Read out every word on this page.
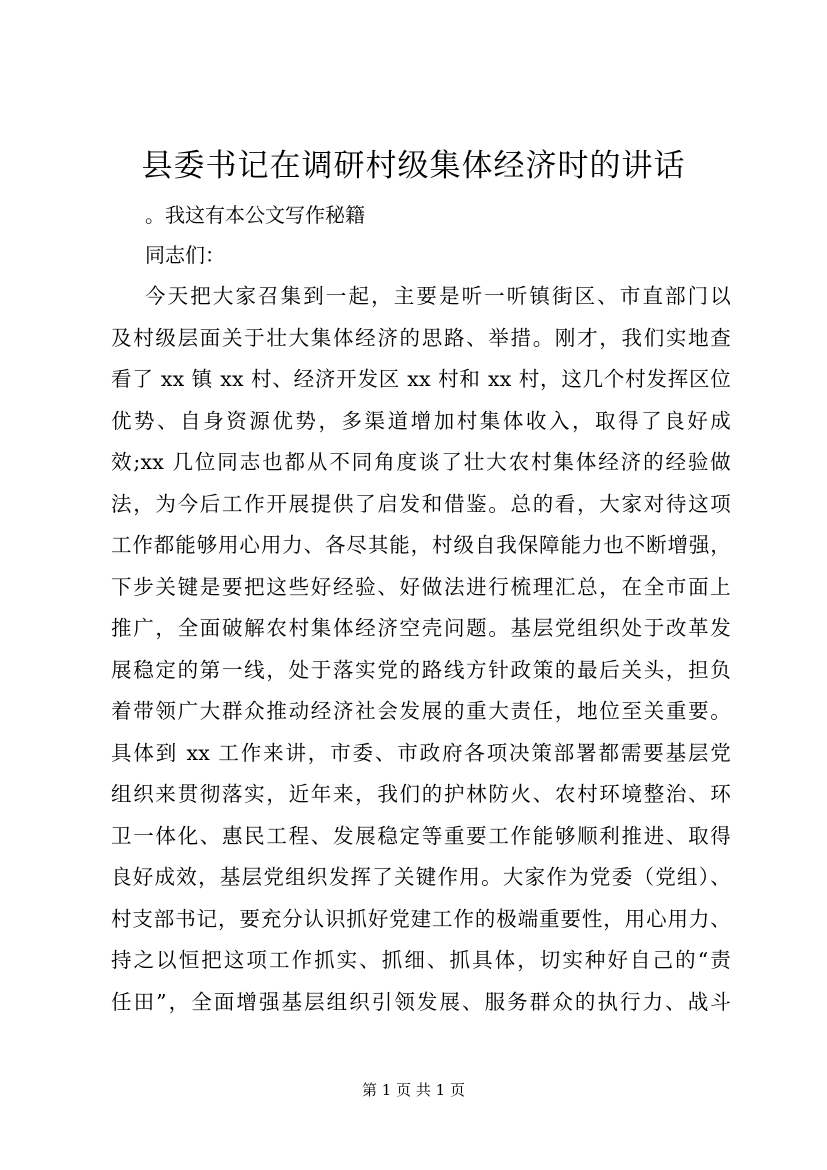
县委书记在调研村级集体经济时的讲话
。我这有本公文写作秘籍
同志们：
今天把大家召集到一起，主要是听一听镇街区、市直部门以
及村级层面关于壮大集体经济的思路、举措。刚才，我们实地查
看了 xx 镇 xx 村、经济开发区 xx 村和 xx 村，这几个村发挥区位
优势、自身资源优势，多渠道增加村集体收入，取得了良好成
效;xx 几位同志也都从不同角度谈了壮大农村集体经济的经验做
法，为今后工作开展提供了启发和借鉴。总的看，大家对待这项
工作都能够用心用力、各尽其能，村级自我保障能力也不断增强，
下步关键是要把这些好经验、好做法进行梳理汇总，在全市面上
推广，全面破解农村集体经济空壳问题。基层党组织处于改革发
展稳定的第一线，处于落实党的路线方针政策的最后关头，担负
着带领广大群众推动经济社会发展的重大责任，地位至关重要。
具体到 xx 工作来讲，市委、市政府各项决策部署都需要基层党
组织来贯彻落实，近年来，我们的护林防火、农村环境整治、环
卫一体化、惠民工程、发展稳定等重要工作能够顺利推进、取得
良好成效，基层党组织发挥了关键作用。大家作为党委（党组）、
村支部书记，要充分认识抓好党建工作的极端重要性，用心用力、
持之以恒把这项工作抓实、抓细、抓具体，切实种好自己的“责
任田”，全面增强基层组织引领发展、服务群众的执行力、战斗
第 1 页 共 1 页
